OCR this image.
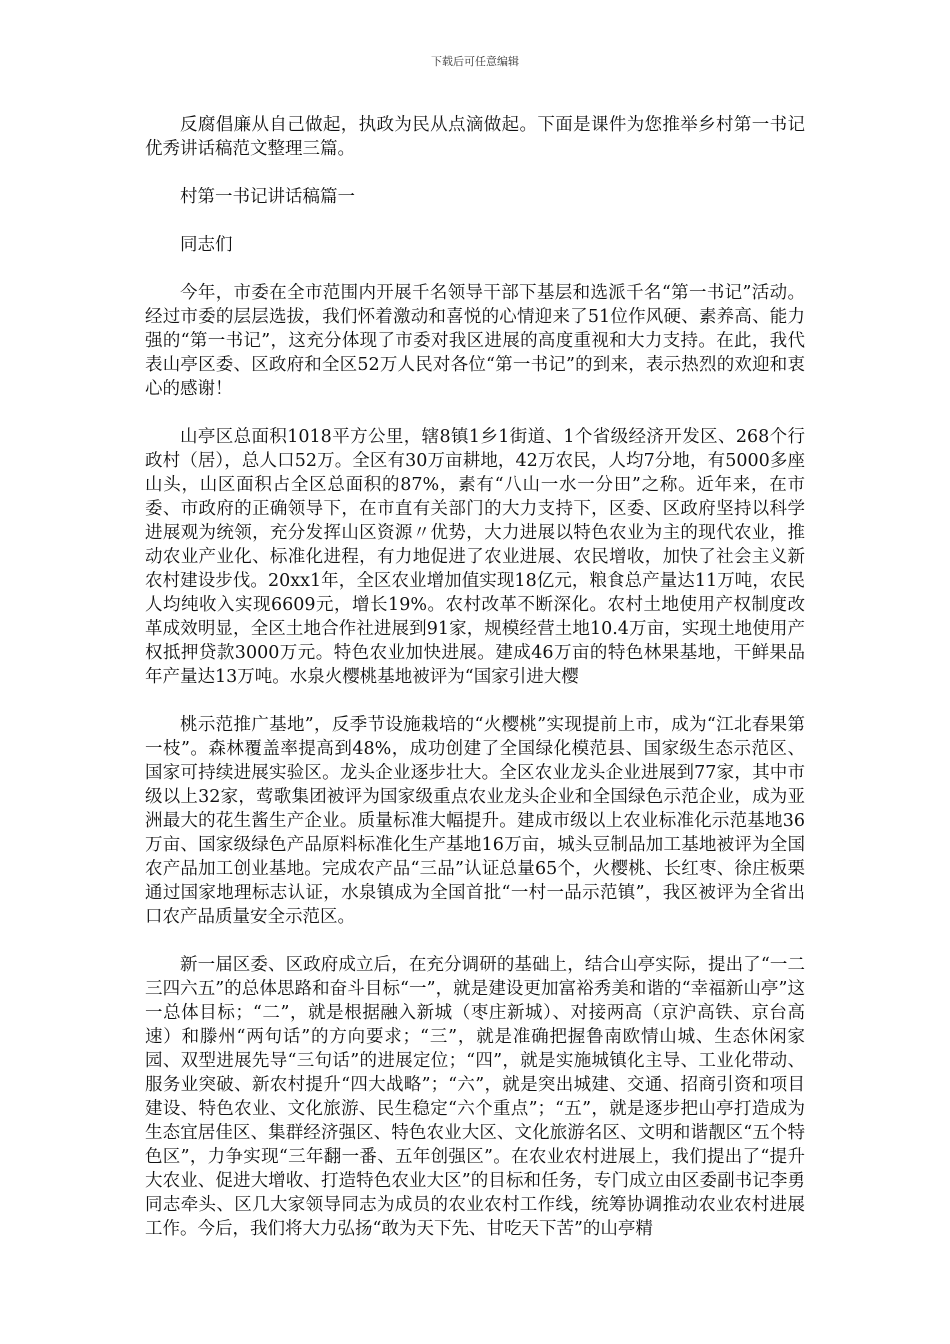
下载后可任意编辑

反腐倡廉从自己做起，执政为民从点滴做起。下面是课件为您推举乡村第一书记优秀讲话稿范文整理三篇。

村第一书记讲话稿篇一

同志们

今年，市委在全市范围内开展千名领导干部下基层和选派千名“第一书记”活动。经过市委的层层选拔，我们怀着激动和喜悦的心情迎来了51位作风硬、素养高、能力强的“第一书记”，这充分体现了市委对我区进展的高度重视和大力支持。在此，我代表山亭区委、区政府和全区52万人民对各位“第一书记”的到来，表示热烈的欢迎和衷心的感谢！

山亭区总面积1018平方公里，辖8镇1乡1街道、1个省级经济开发区、268个行政村（居），总人口52万。全区有30万亩耕地，42万农民，人均7分地，有5000多座山头，山区面积占全区总面积的87%，素有“八山一水一分田”之称。近年来，在市委、市政府的正确领导下，在市直有关部门的大力支持下，区委、区政府坚持以科学进展观为统领，充分发挥山区资源〃优势，大力进展以特色农业为主的现代农业，推动农业产业化、标准化进程，有力地促进了农业进展、农民增收，加快了社会主义新农村建设步伐。20xx1年，全区农业增加值实现18亿元，粮食总产量达11万吨，农民人均纯收入实现6609元，增长19%。农村改革不断深化。农村土地使用产权制度改革成效明显，全区土地合作社进展到91家，规模经营土地10.4万亩，实现土地使用产权抵押贷款3000万元。特色农业加快进展。建成46万亩的特色林果基地，干鲜果品年产量达13万吨。水泉火樱桃基地被评为“国家引进大樱

桃示范推广基地”，反季节设施栽培的“火樱桃”实现提前上市，成为“江北春果第一枝”。森林覆盖率提高到48%，成功创建了全国绿化模范县、国家级生态示范区、国家可持续进展实验区。龙头企业逐步壮大。全区农业龙头企业进展到77家，其中市级以上32家，莺歌集团被评为国家级重点农业龙头企业和全国绿色示范企业，成为亚洲最大的花生酱生产企业。质量标准大幅提升。建成市级以上农业标准化示范基地36万亩、国家级绿色产品原料标准化生产基地16万亩，城头豆制品加工基地被评为全国农产品加工创业基地。完成农产品“三品”认证总量65个，火樱桃、长红枣、徐庄板栗通过国家地理标志认证，水泉镇成为全国首批“一村一品示范镇”，我区被评为全省出口农产品质量安全示范区。

新一届区委、区政府成立后，在充分调研的基础上，结合山亭实际，提出了“一二三四六五”的总体思路和奋斗目标“一”，就是建设更加富裕秀美和谐的“幸福新山亭”这一总体目标；“二”，就是根据融入新城（枣庄新城）、对接两高（京沪高铁、京台高速）和滕州“两句话”的方向要求；“三”，就是准确把握鲁南欧情山城、生态休闲家园、双型进展先导“三句话”的进展定位；“四”，就是实施城镇化主导、工业化带动、服务业突破、新农村提升“四大战略”；“六”，就是突出城建、交通、招商引资和项目建设、特色农业、文化旅游、民生稳定“六个重点”；“五”，就是逐步把山亭打造成为生态宜居佳区、集群经济强区、特色农业大区、文化旅游名区、文明和谐靓区“五个特色区”，力争实现“三年翻一番、五年创强区”。在农业农村进展上，我们提出了“提升大农业、促进大增收、打造特色农业大区”的目标和任务，专门成立由区委副书记李勇同志牵头、区几大家领导同志为成员的农业农村工作线，统筹协调推动农业农村进展工作。今后，我们将大力弘扬“敢为天下先、甘吃天下苦”的山亭精
